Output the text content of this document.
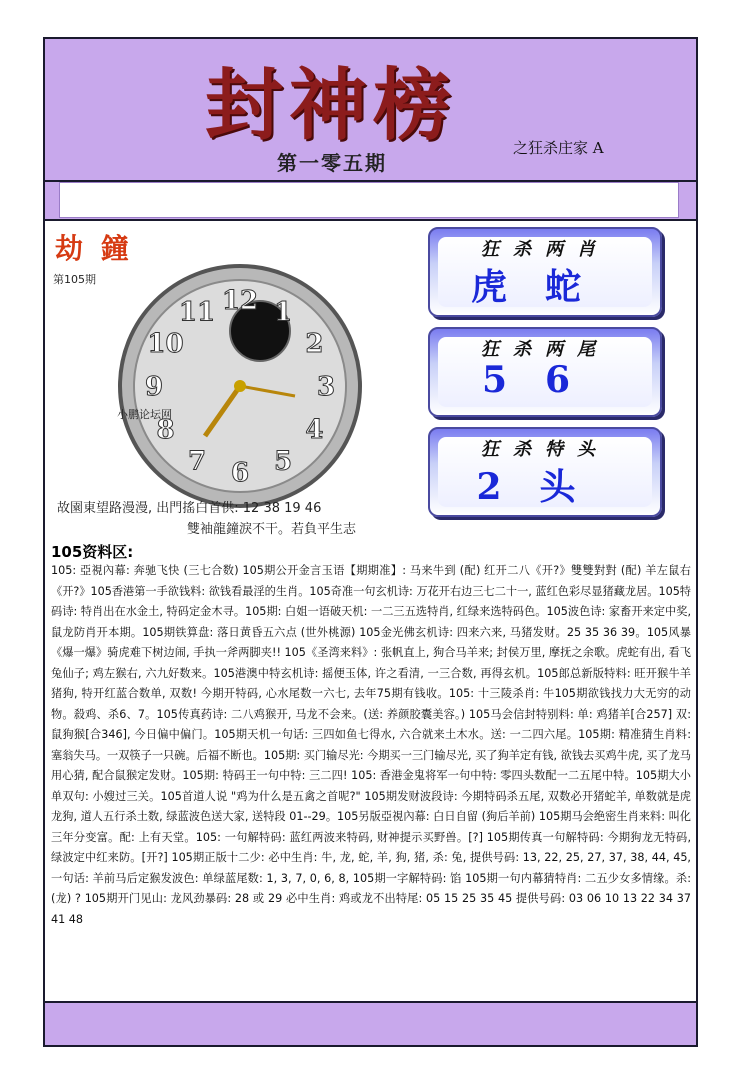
封神榜
第一零五期
之狂杀庄家 A
劫 鐘
第105期
12 1
2
3
4
5
6
7
8
9
10
11
小鹏论坛网
故園東望路漫漫, 出門搖白首供: 12 38 19 46
雙袖龍鐘淚不干。若負平生志
狂杀两肖
虎蛇
狂杀两尾
56
狂杀特头
2头
105资料区:
105: 亞視內幕: 奔驰飞快 (三七合数) 105期公开金言玉语【期期准】: 马来牛到 (配) 红开二八《开?》雙雙對對 (配) 羊左鼠右《开?》105香港第一手欲钱料: 欲钱看最淫的生肖。105奇准一句玄机诗: 万花开右边三七二十一, 蓝红色彩尽显猪藏龙居。105特码诗: 特肖出在水金土, 特码定金木寻。105期: 白姐一语破天机: 一二三五选特肖, 红绿来选特码色。105波色诗: 家畜开来定中奖, 鼠龙防肖开本期。105期铁算盘: 落日黄昏五六点 (世外桃源) 105金光佛玄机诗: 四来六来, 马猪发财。25 35 36 39。105风暴《爆一爆》骑虎难下树边闹, 手执一斧两脚夹!! 105《圣湾来料》: 张帆直上, 狗合马羊来; 封侯万里, 摩抚之余歌。虎蛇有出, 看飞兔仙子; 鸡左猴右, 六九好数来。105港澳中特玄机诗: 摇便玉体, 许之看清, 一三合数, 再得玄机。105郎总新版特料: 旺开猴牛羊猪狗, 特开红蓝合数单, 双数! 今期开特码, 心水尾数一六七, 去年75期有钱收。105: 十三陵杀肖: 牛105期欲钱找力大无穷的动物。殺鸡、杀6、7。105传真药诗: 二八鸡猴开, 马龙不会来。(送: 养颜胶囊美容。) 105马会信封特别料: 单: 鸡猪羊[合257] 双: 鼠狗猴[合346], 今日偏中偏门。105期天机一句话: 三四如鱼七得水, 六合就来土木水。送: 一二四六尾。105期: 精准猜生肖料: 塞翁失马。一双筷子一只碗。后福不断也。105期: 买门输尽光: 今期买一三门输尽光, 买了狗羊定有钱, 欲钱去买鸡牛虎, 买了龙马用心猜, 配合鼠猴定发财。105期: 特码王一句中特: 三二四! 105: 香港金鬼将军一句中特: 零四头数配一二五尾中特。105期大小单双句: 小嫂过三关。105首道人说 "鸡为什么是五禽之首呢?" 105期发财波段诗: 今期特码杀五尾, 双数必开猪蛇羊, 单数就是虎龙狗, 道人五行杀土数, 绿蓝波色送大家, 送特段 01--29。105另版亞視內幕: 白日自留 (狗后羊前) 105期马会绝密生肖来料: 叫化三年分变富。配: 上有天堂。105: 一句解特码: 蓝红两波来特码, 财神提示买野兽。[?] 105期传真一句解特码: 今期狗龙无特码, 绿波定中红来防。[开?] 105期正版十二少: 必中生肖: 牛, 龙, 蛇, 羊, 狗, 猪, 杀: 兔, 提供号码: 13, 22, 25, 27, 37, 38, 44, 45, 一句话: 羊前马后定猴发波色: 单绿蓝尾数: 1, 3, 7, 0, 6, 8, 105期一字解特码: 馅 105期一句内幕猜特肖: 二五少女多情缘。杀: (龙) ? 105期开门见山: 龙风劲暴码: 28 或 29 必中生肖: 鸡或龙不出特尾: 05 15 25 35 45 提供号码: 03 06 10 13 22 34 37 41 48
